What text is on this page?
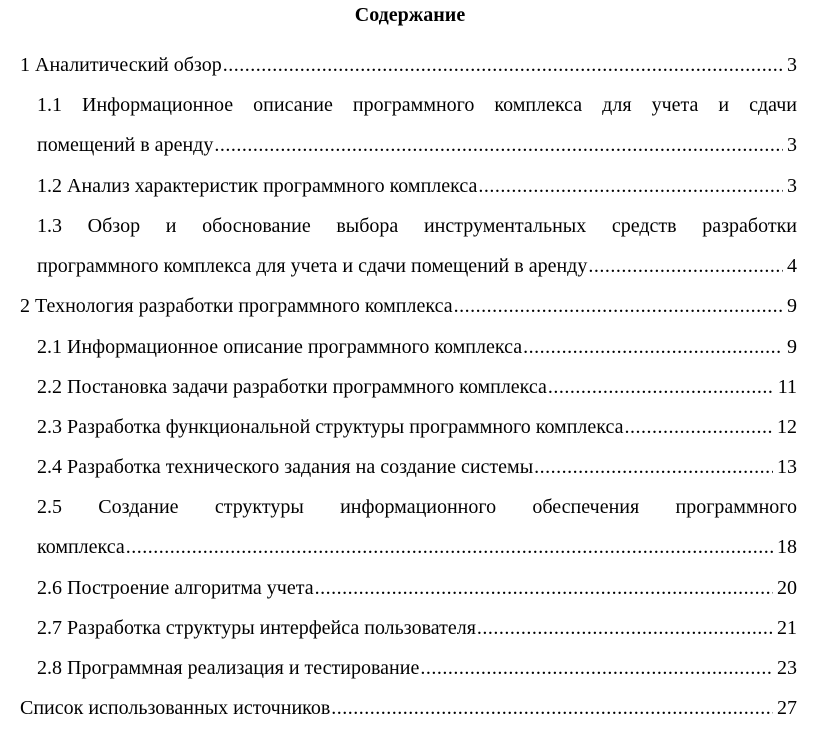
Содержание
1 Аналитический обзор .....	3
1.1 Информационное описание программного комплекса для учета и сдачи
помещений в аренду .....	3
1.2 Анализ характеристик программного комплекса .....	3
1.3 Обзор и обоснование выбора инструментальных средств разработки
программного комплекса для учета и сдачи помещений в аренду .....	4
2 Технология разработки программного комплекса .....	9
2.1 Информационное описание программного комплекса .....	9
2.2 Постановка задачи разработки программного комплекса .....	11
2.3 Разработка функциональной структуры программного комплекса .....	12
2.4 Разработка технического задания на создание системы .....	13
2.5 Создание структуры информационного обеспечения программного
комплекса .....	18
2.6 Построение алгоритма учета .....	20
2.7 Разработка структуры интерфейса пользователя .....	21
2.8 Программная реализация и тестирование .....	23
Список использованных источников .....	27
